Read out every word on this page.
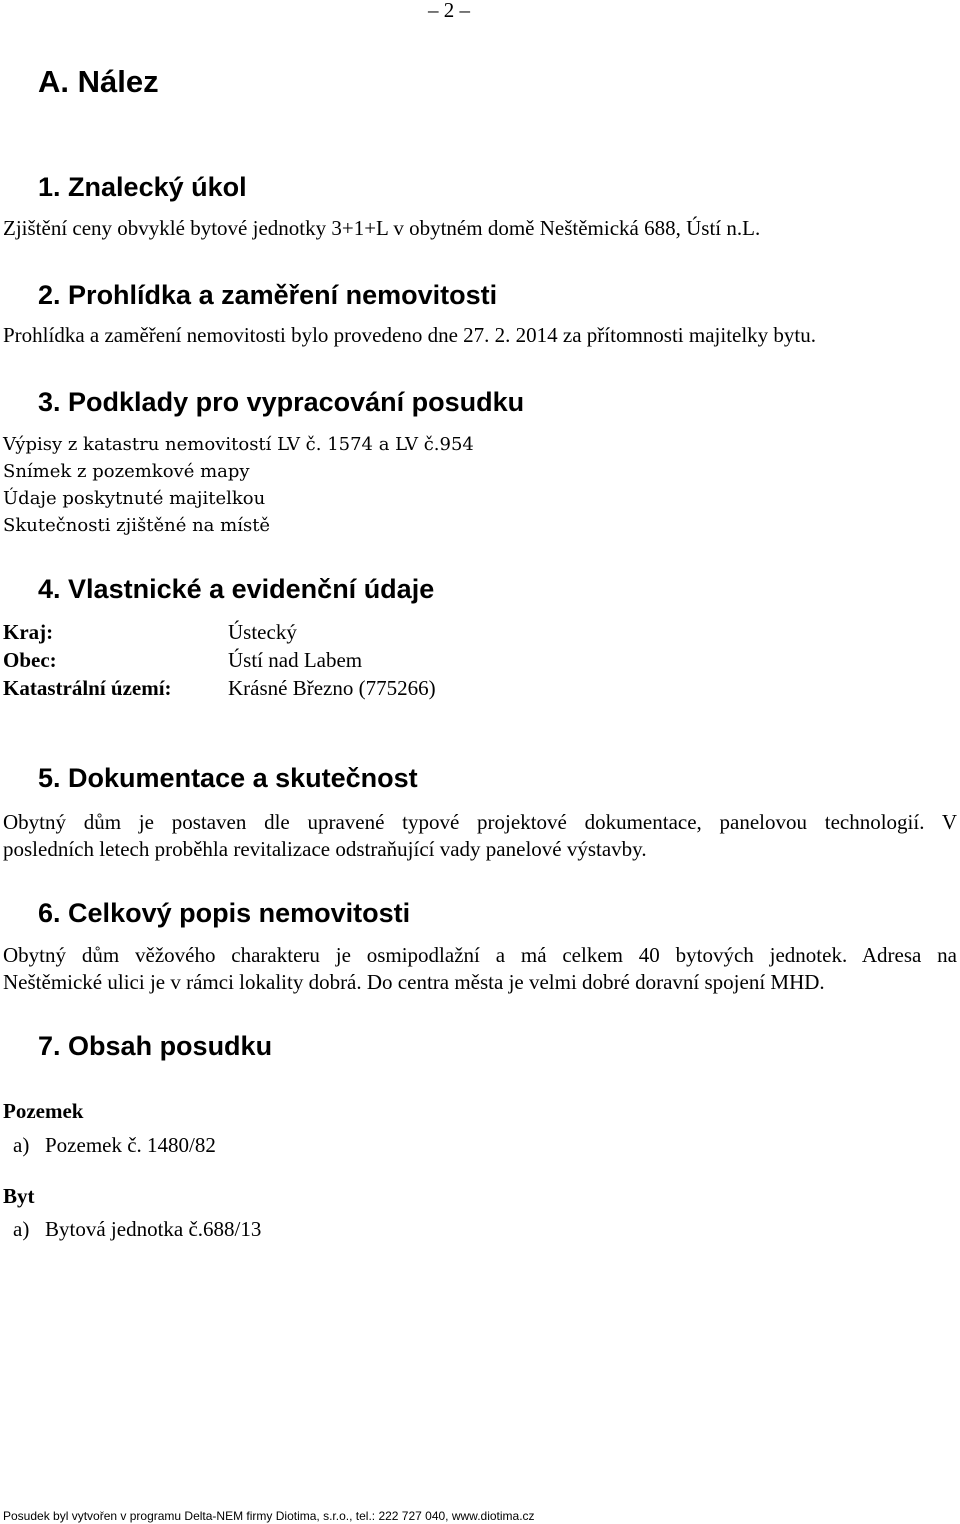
– 2 –
A. Nález
1. Znalecký úkol
Zjištění ceny obvyklé bytové jednotky 3+1+L v obytném domě Neštěmická 688, Ústí n.L.
2. Prohlídka a zaměření nemovitosti
Prohlídka a zaměření nemovitosti bylo provedeno dne 27. 2. 2014 za přítomnosti majitelky bytu.
3. Podklady pro vypracování posudku
Výpisy z katastru nemovitostí LV č. 1574 a LV č.954
Snímek z pozemkové mapy
Údaje poskytnuté majitelkou
Skutečnosti zjištěné na místě
4. Vlastnické a evidenční údaje
Kraj:	Ústecký
Obec:	Ústí nad Labem
Katastrální území:	Krásné Březno (775266)
5. Dokumentace a skutečnost
Obytný dům je postaven dle upravené typové projektové dokumentace, panelovou technologií. V
posledních letech proběhla revitalizace odstraňující vady panelové výstavby.
6. Celkový popis nemovitosti
Obytný dům věžového charakteru je osmipodlažní a má celkem 40 bytových jednotek. Adresa na
Neštěmické ulici je v rámci lokality dobrá. Do centra města je velmi dobré doravní spojení MHD.
7. Obsah posudku
Pozemek
a) Pozemek č. 1480/82
Byt
a) Bytová jednotka č.688/13
Posudek byl vytvořen v programu Delta-NEM firmy Diotima, s.r.o., tel.: 222 727 040, www.diotima.cz
